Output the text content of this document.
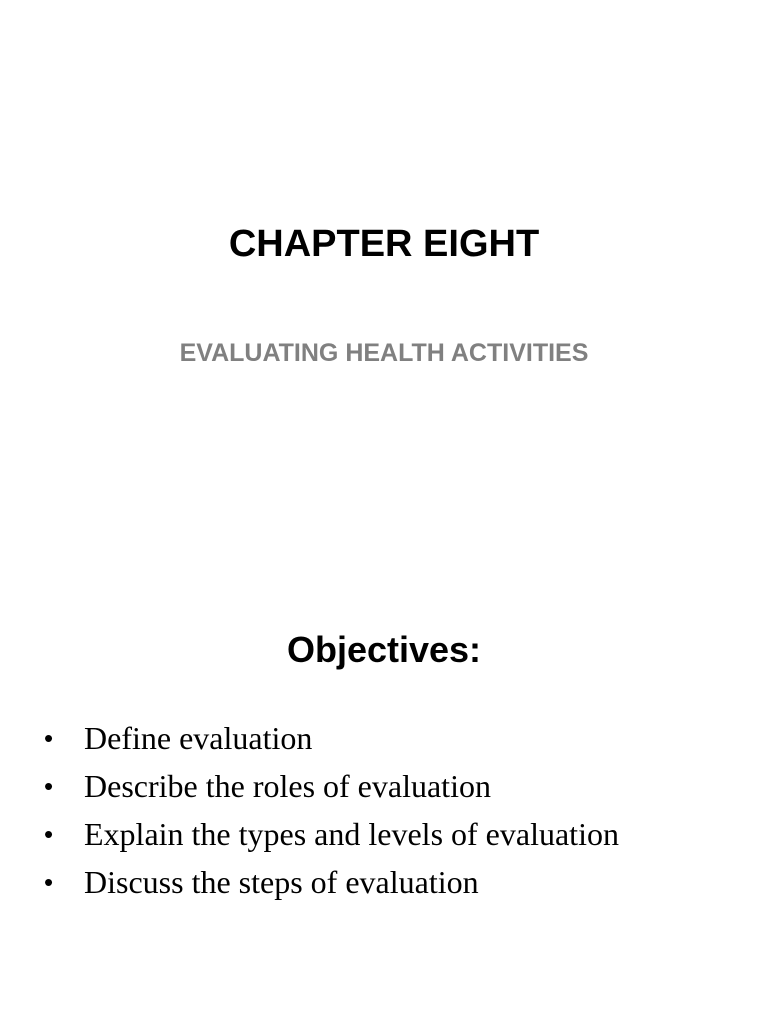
CHAPTER EIGHT
EVALUATING HEALTH ACTIVITIES
Objectives:
• Define evaluation
• Describe the roles of evaluation
• Explain the types and levels of evaluation
• Discuss the steps of evaluation
